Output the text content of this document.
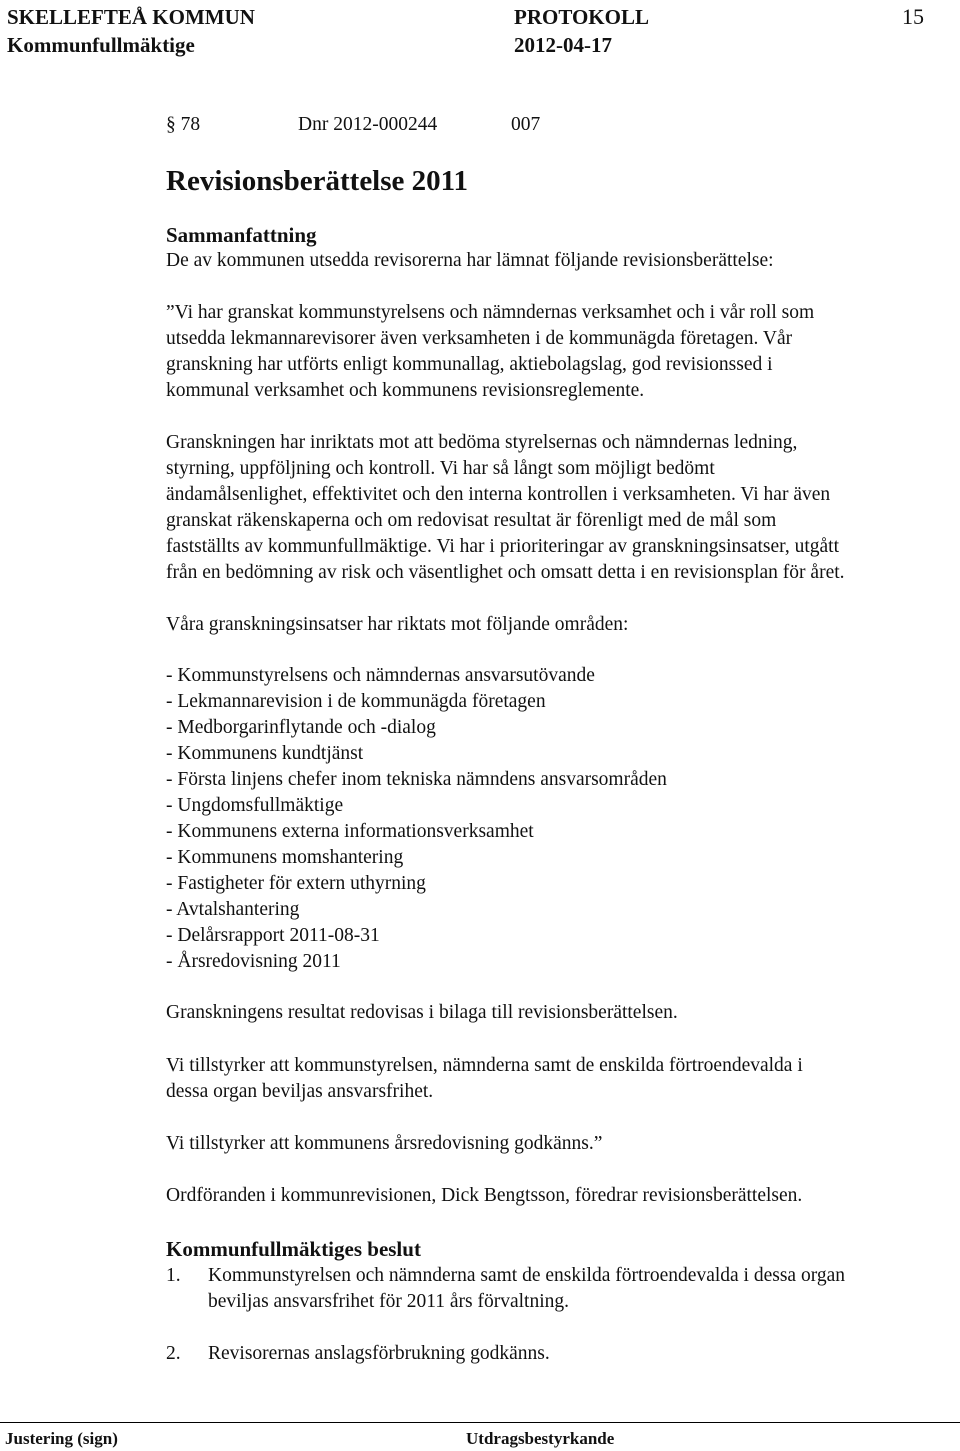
SKELLEFTEÅ KOMMUN
Kommunfullmäktige
PROTOKOLL
2012-04-17
15
§ 78	Dnr 2012-000244	007
Revisionsberättelse 2011
Sammanfattning
De av kommunen utsedda revisorerna har lämnat följande revisionsberättelse:
”Vi har granskat kommunstyrelsens och nämndernas verksamhet och i vår roll som
utsedda lekmannarevisorer även verksamheten i de kommunägda företagen. Vår
granskning har utförts enligt kommunallag, aktiebolagslag, god revisionssed i
kommunal verksamhet och kommunens revisionsreglemente.
Granskningen har inriktats mot att bedöma styrelsernas och nämndernas ledning,
styrning, uppföljning och kontroll. Vi har så långt som möjligt bedömt
ändamålsenlighet, effektivitet och den interna kontrollen i verksamheten. Vi har även
granskat räkenskaperna och om redovisat resultat är förenligt med de mål som
fastställts av kommunfullmäktige. Vi har i prioriteringar av granskningsinsatser, utgått
från en bedömning av risk och väsentlighet och omsatt detta i en revisionsplan för året.
Våra granskningsinsatser har riktats mot följande områden:
- Kommunstyrelsens och nämndernas ansvarsutövande
- Lekmannarevision i de kommunägda företagen
- Medborgarinflytande och -dialog
- Kommunens kundtjänst
- Första linjens chefer inom tekniska nämndens ansvarsområden
- Ungdomsfullmäktige
- Kommunens externa informationsverksamhet
- Kommunens momshantering
- Fastigheter för extern uthyrning
- Avtalshantering
- Delårsrapport 2011-08-31
- Årsredovisning 2011
Granskningens resultat redovisas i bilaga till revisionsberättelsen.
Vi tillstyrker att kommunstyrelsen, nämnderna samt de enskilda förtroendevalda i
dessa organ beviljas ansvarsfrihet.
Vi tillstyrker att kommunens årsredovisning godkänns.”
Ordföranden i kommunrevisionen, Dick Bengtsson, föredrar revisionsberättelsen.
Kommunfullmäktiges beslut
1. Kommunstyrelsen och nämnderna samt de enskilda förtroendevalda i dessa organ
beviljas ansvarsfrihet för 2011 års förvaltning.
2. Revisorernas anslagsförbrukning godkänns.
Justering (sign)	Utdragsbestyrkande
